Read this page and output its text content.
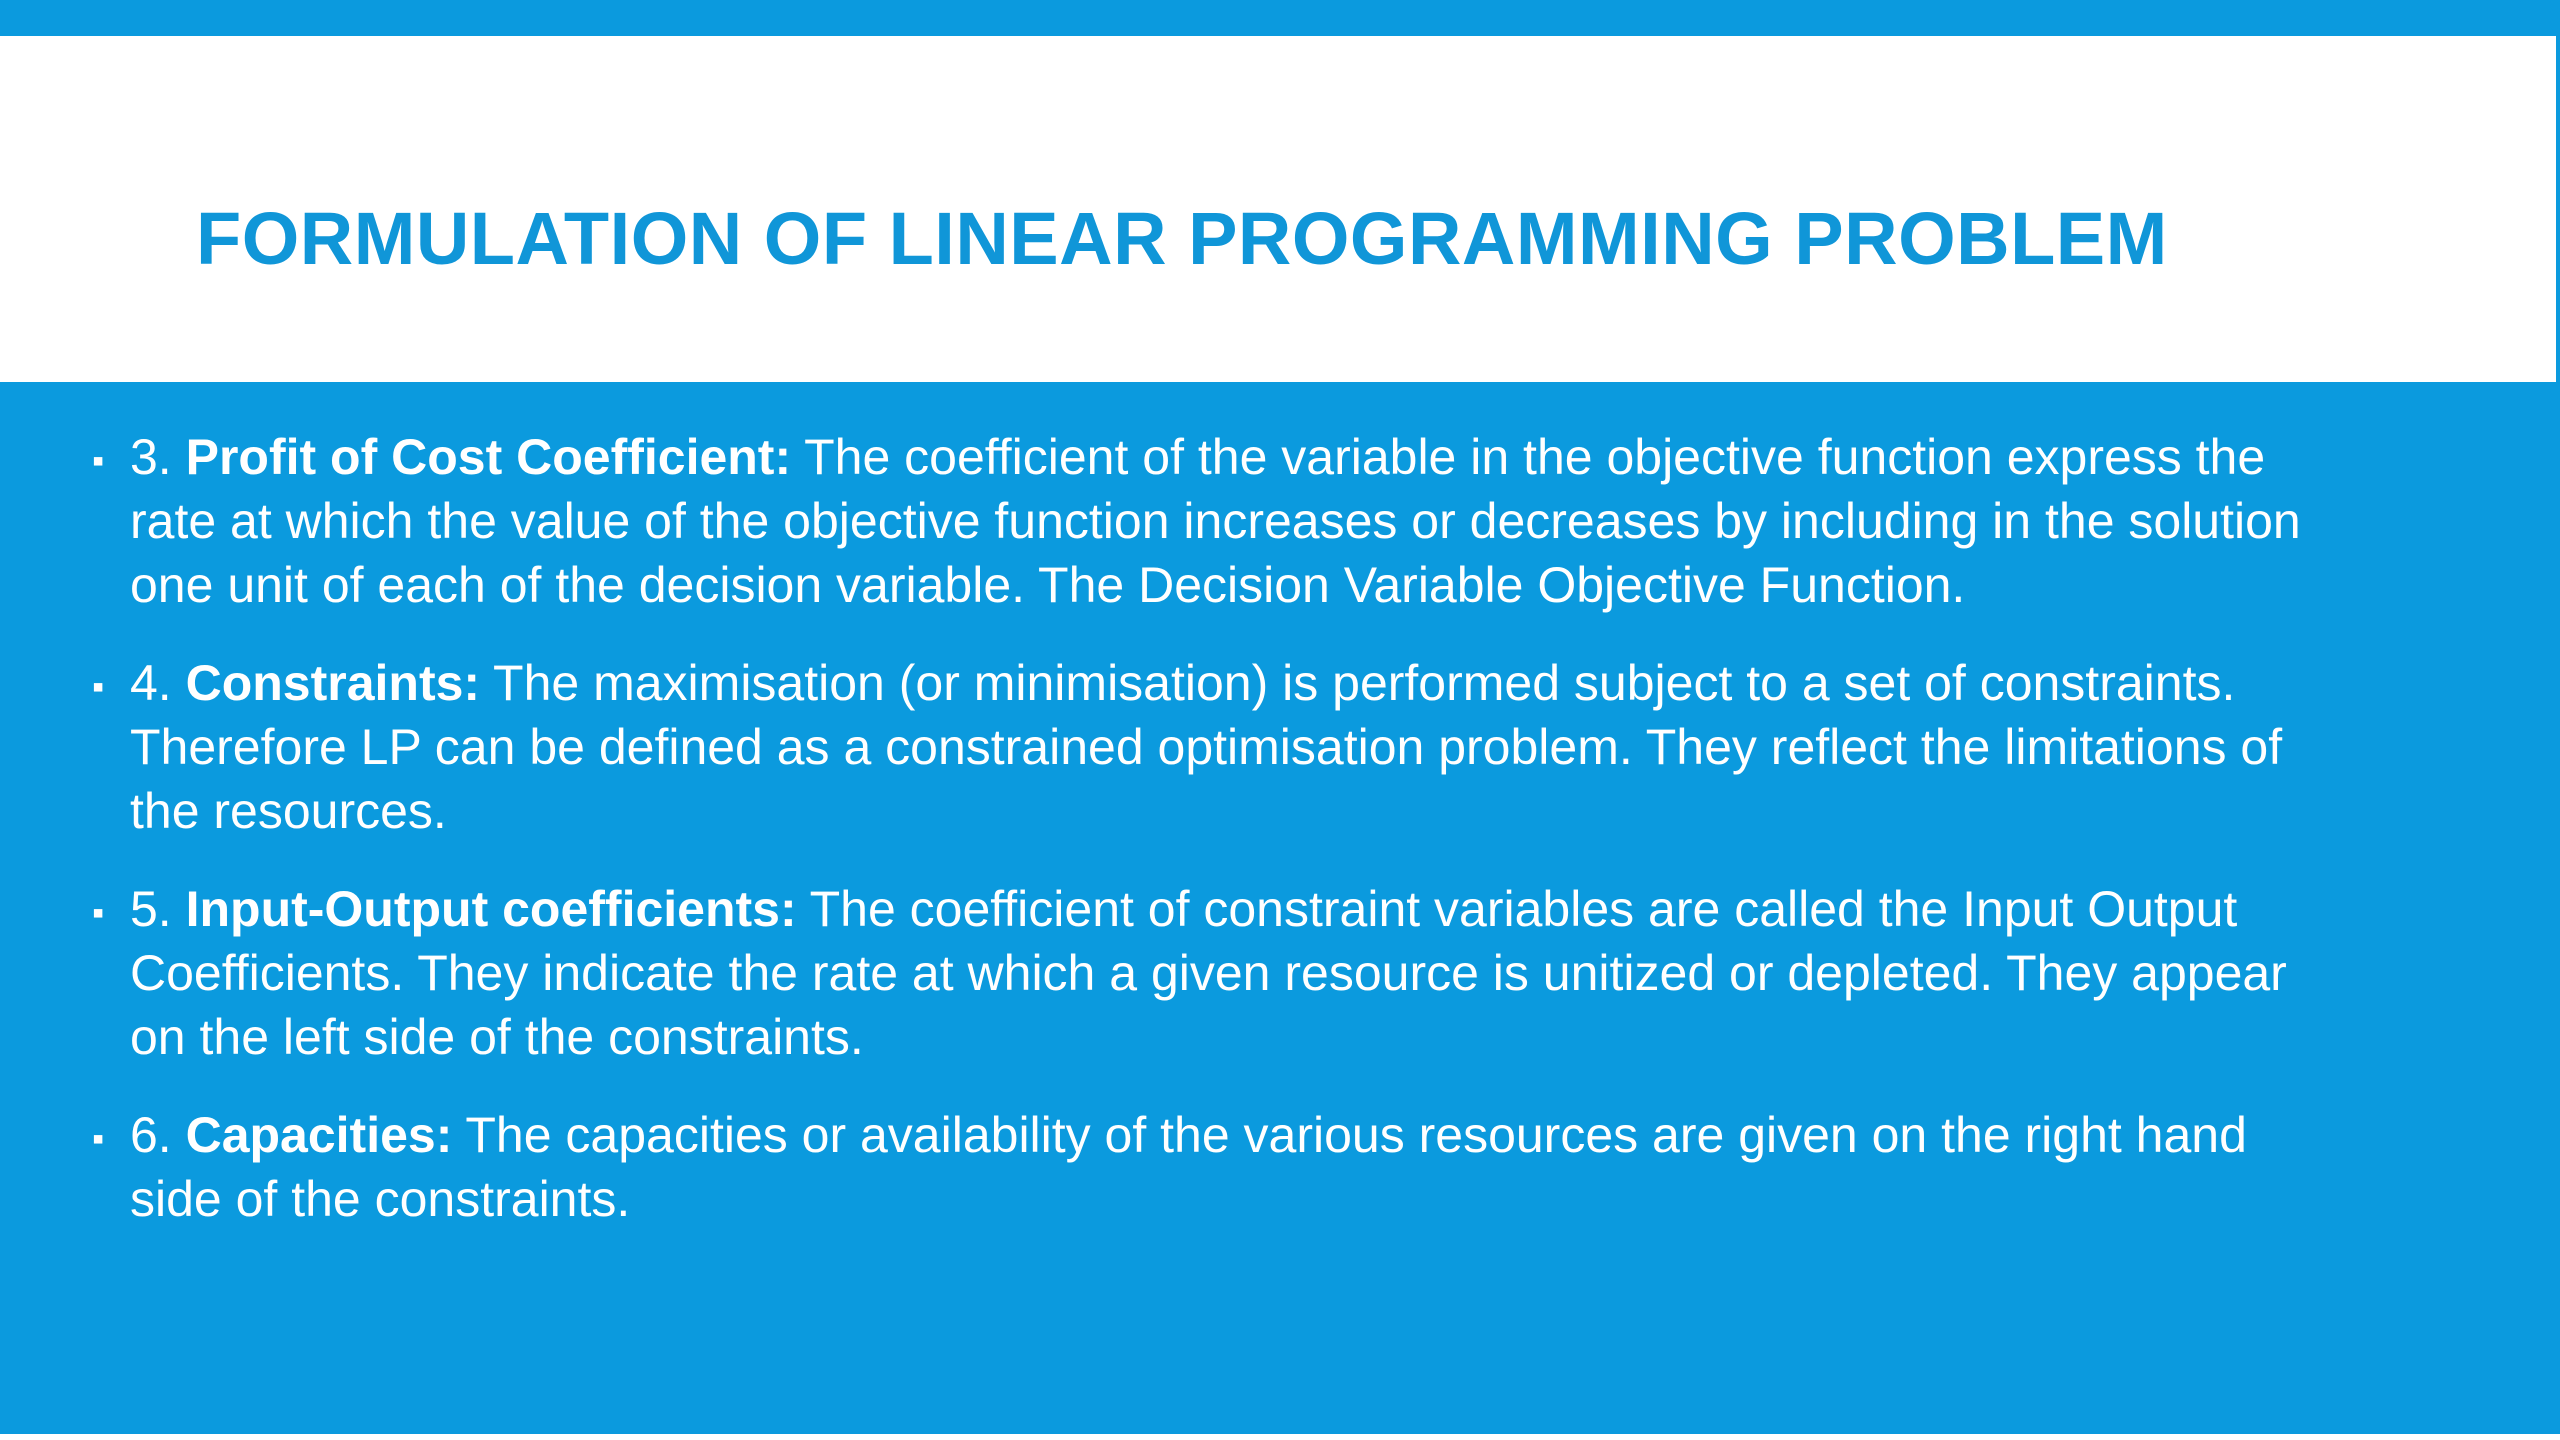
FORMULATION OF LINEAR PROGRAMMING PROBLEM
▪ 3. Profit of Cost Coefficient: The coefficient of the variable in the objective function express the rate at which the value of the objective function increases or decreases by including in the solution one unit of each of the decision variable. The Decision Variable Objective Function.
▪ 4. Constraints: The maximisation (or minimisation) is performed subject to a set of constraints. Therefore LP can be defined as a constrained optimisation problem. They reflect the limitations of the resources.
▪ 5. Input-Output coefficients: The coefficient of constraint variables are called the Input Output Coefficients. They indicate the rate at which a given resource is unitized or depleted. They appear on the left side of the constraints.
▪ 6. Capacities: The capacities or availability of the various resources are given on the right hand side of the constraints.
